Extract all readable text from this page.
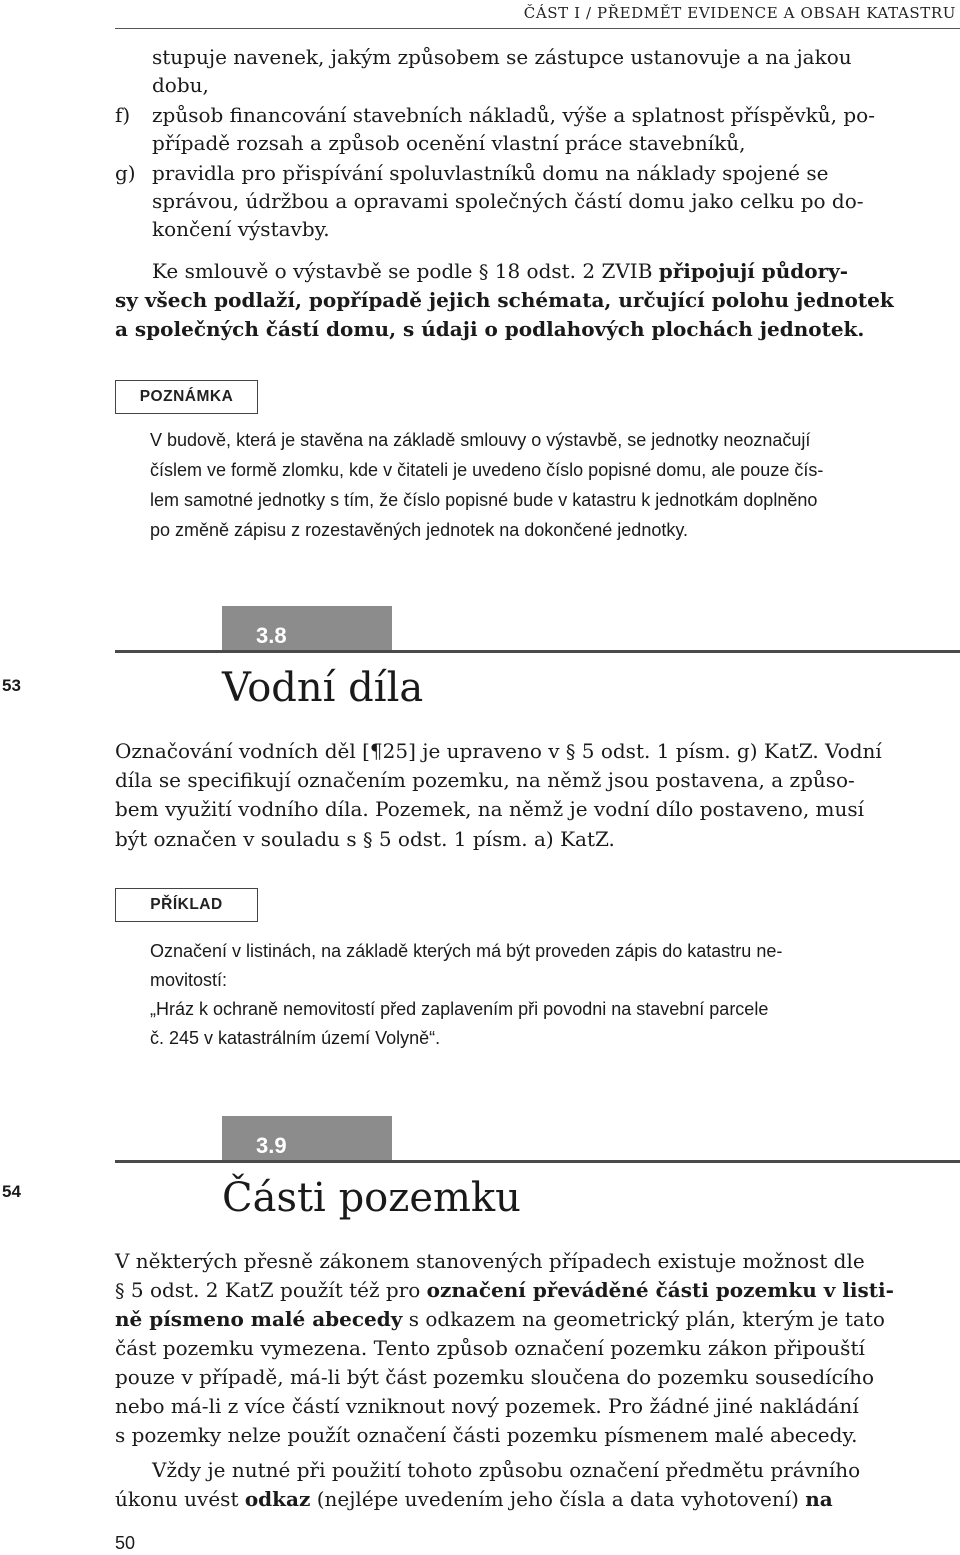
ČÁST I / PŘEDMĚT EVIDENCE A OBSAH KATASTRU
stupuje navenek, jakým způsobem se zástupce ustanovuje a na jakou
dobu,
f) způsob financování stavebních nákladů, výše a splatnost příspěvků, po-
případě rozsah a způsob ocenění vlastní práce stavebníků,
g) pravidla pro přispívání spoluvlastníků domu na náklady spojené se
správou, údržbou a opravami společných částí domu jako celku po do-
končení výstavby.
Ke smlouvě o výstavbě se podle § 18 odst. 2 ZVIB připojují půdory-
sy všech podlaží, popřípadě jejich schémata, určující polohu jednotek
a společných částí domu, s údaji o podlahových plochách jednotek.
POZNÁMKA
V budově, která je stavěna na základě smlouvy o výstavbě, se jednotky neoznačují
číslem ve formě zlomku, kde v čitateli je uvedeno číslo popisné domu, ale pouze čís-
lem samotné jednotky s tím, že číslo popisné bude v katastru k jednotkám doplněno
po změně zápisu z rozestavěných jednotek na dokončené jednotky.
3.8
53	Vodní díla
Označování vodních děl [¶25] je upraveno v § 5 odst. 1 písm. g) KatZ. Vodní
díla se specifikují označením pozemku, na němž jsou postavena, a způso-
bem využití vodního díla. Pozemek, na němž je vodní dílo postaveno, musí
být označen v souladu s § 5 odst. 1 písm. a) KatZ.
PŘÍKLAD
Označení v listinách, na základě kterých má být proveden zápis do katastru ne-
movitostí:
„Hráz k ochraně nemovitostí před zaplavením při povodni na stavební parcele
č. 245 v katastrálním území Volyně“.
3.9
54	Části pozemku
V některých přesně zákonem stanovených případech existuje možnost dle
§ 5 odst. 2 KatZ použít též pro označení převáděné části pozemku v listi-
ně písmeno malé abecedy s odkazem na geometrický plán, kterým je tato
část pozemku vymezena. Tento způsob označení pozemku zákon připouští
pouze v případě, má-li být část pozemku sloučena do pozemku sousedícího
nebo má-li z více částí vzniknout nový pozemek. Pro žádné jiné nakládání
s pozemky nelze použít označení části pozemku písmenem malé abecedy.
Vždy je nutné při použití tohoto způsobu označení předmětu právního
úkonu uvést odkaz (nejlépe uvedením jeho čísla a data vyhotovení) na
50
